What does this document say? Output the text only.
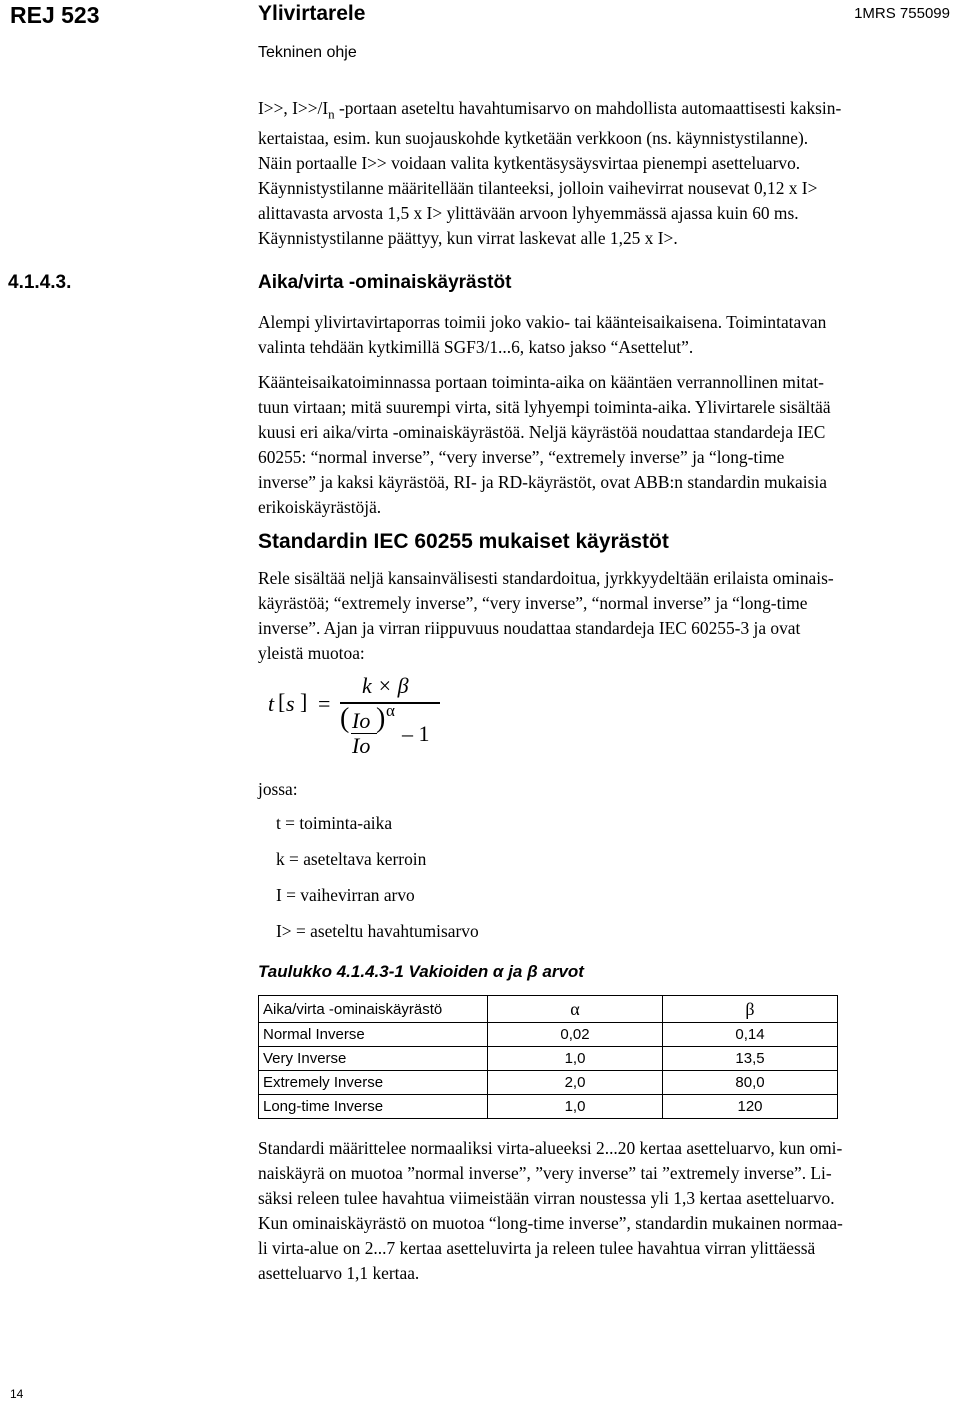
REJ 523	Ylivirtarele	1MRS 755099
Tekninen ohje

I>>, $I>>/I_n$ -portaan aseteltu havahtumisarvo on mahdollista automaattisesti kaksin-

kertaistaa, esim. kun suojauskohde kytketään verkkoon (ns. käynnistystilanne).

Näin portaalle I>> voidaan valita kytkentäsysäysvirtaa pienempi asetteluarvo.

Käynnistystilanne määritellään tilanteeksi, jolloin vaihevirrat nousevat 0,12 x I>

alittavasta arvosta 1,5 x I> ylittävään arvoon lyhyemmässä ajassa kuin 60 ms.

Käynnistystilanne päättyy, kun virrat laskevat alle 1,25 x I>.

4.1.4.3.	Aika/virta -ominaiskäyrästöt

Alempi ylivirtavirtaporras toimii joko vakio- tai käänteisaikaisena. Toimintatavan

valinta tehdään kytkimillä SGF3/1...6, katso jakso “Asettelut”.

Käänteisaikatoiminnassa portaan toiminta-aika on kääntäen verrannollinen mitat-

tuun virtaan; mitä suurempi virta, sitä lyhyempi toiminta-aika. Ylivirtarele sisältää

kuusi eri aika/virta -ominaiskäyrästöä. Neljä käyrästöä noudattaa standardeja IEC

60255: “normal inverse”, “very inverse”, “extremely inverse” ja “long-time

inverse” ja kaksi käyrästöä, RI- ja RD-käyrästöt, ovat ABB:n standardin mukaisia

erikoiskäyrästöjä.

Standardin IEC 60255 mukaiset käyrästöt

Rele sisältää neljä kansainvälisesti standardoitua, jyrkkyydeltään erilaista ominais-

käyrästöä; “extremely inverse”, “very inverse”, “normal inverse” ja “long-time

inverse”. Ajan ja virran riippuvuus noudattaa standardeja IEC 60255-3 ja ovat

yleistä muotoa:

t [ s ] =
k × β
( Io
Io
) α
– 1
jossa:
t = toiminta-aika
k = aseteltava kerroin
I = vaihevirran arvo
I> = aseteltu havahtumisarvo
Taulukko 4.1.4.3-1 Vakioiden α ja β arvot
Aika/virta -ominaiskäyrästö	α	β
Normal Inverse	0,02	0,14
Very Inverse	1,0	13,5
Extremely Inverse	2,0	80,0
Long-time Inverse	1,0	120

Standardi määrittelee normaaliksi virta-alueeksi 2...20 kertaa asetteluarvo, kun omi-

naiskäyrä on muotoa ”normal inverse”, ”very inverse” tai ”extremely inverse”. Li-

säksi releen tulee havahtua viimeistään virran noustessa yli 1,3 kertaa asetteluarvo.

Kun ominaiskäyrästö on muotoa “long-time inverse”, standardin mukainen normaa-

li virta-alue on 2...7 kertaa asetteluvirta ja releen tulee havahtua virran ylittäessä

asetteluarvo 1,1 kertaa.

14
